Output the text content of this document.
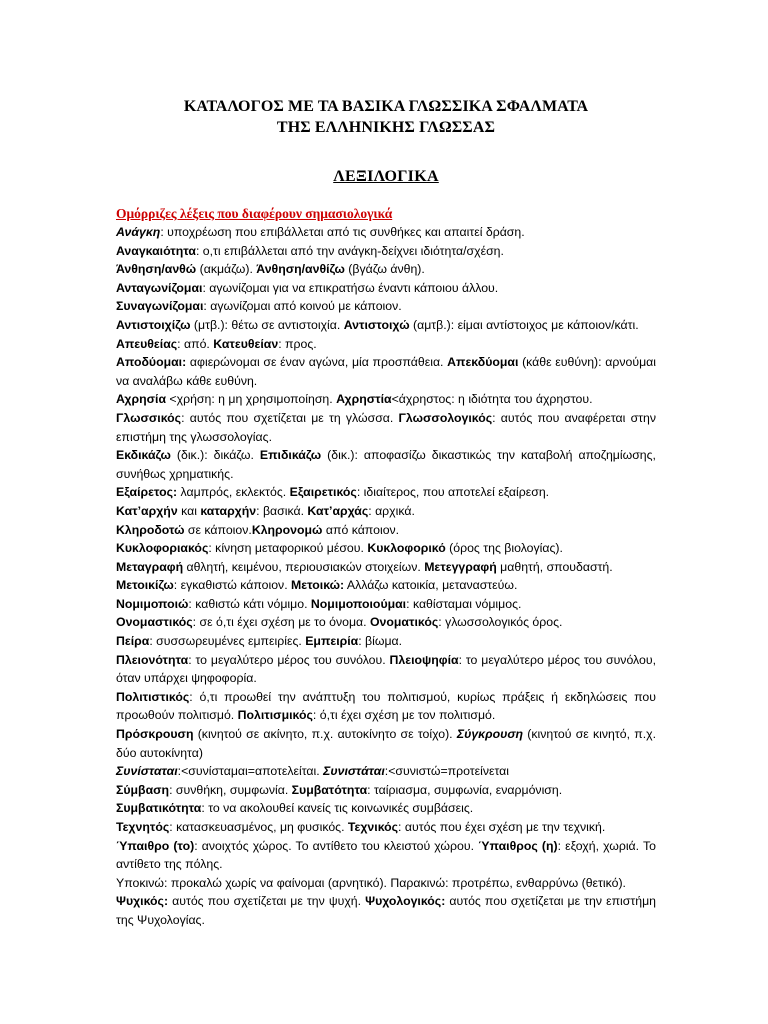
ΚΑΤΑΛΟΓΟΣ ΜΕ ΤΑ ΒΑΣΙΚΑ ΓΛΩΣΣΙΚΑ ΣΦΑΛΜΑΤΑ
ΤΗΣ ΕΛΛΗΝΙΚΗΣ ΓΛΩΣΣΑΣ
ΛΕΞΙΛΟΓΙΚΑ
Ομόρριζες λέξεις που διαφέρουν σημασιολογικά

Ανάγκη: υποχρέωση που επιβάλλεται από τις συνθήκες και απαιτεί δράση.

Αναγκαιότητα: ο,τι επιβάλλεται από την ανάγκη-δείχνει ιδιότητα/σχέση.

Άνθηση/ανθώ (ακμάζω). Άνθηση/ανθίζω (βγάζω άνθη).

Ανταγωνίζομαι: αγωνίζομαι για να επικρατήσω έναντι κάποιου άλλου.

Συναγωνίζομαι: αγωνίζομαι από κοινού με κάποιον.

Αντιστοιχίζω (μτβ.): θέτω σε αντιστοιχία. Αντιστοιχώ (αμτβ.): είμαι αντίστοιχος με κάποιον/κάτι.

Απευθείας: από. Κατευθείαν: προς.

Αποδύομαι: αφιερώνομαι σε έναν αγώνα, μία προσπάθεια. Απεκδύομαι (κάθε ευθύνη): αρνούμαι να αναλάβω κάθε ευθύνη.

Αχρησία <χρήση: η μη χρησιμοποίηση. Αχρηστία<άχρηστος: η ιδιότητα του άχρηστου.

Γλωσσικός: αυτός που σχετίζεται με τη γλώσσα. Γλωσσολογικός: αυτός που αναφέρεται στην επιστήμη της γλωσσολογίας.

Εκδικάζω (δικ.): δικάζω. Επιδικάζω (δικ.): αποφασίζω δικαστικώς την καταβολή αποζημίωσης, συνήθως χρηματικής.

Εξαίρετος: λαμπρός, εκλεκτός. Εξαιρετικός: ιδιαίτερος, που αποτελεί εξαίρεση.

Κατ’αρχήν και καταρχήν: βασικά. Κατ’αρχάς: αρχικά.

Κληροδοτώ σε κάποιον.Κληρονομώ από κάποιον.

Κυκλοφοριακός: κίνηση μεταφορικού μέσου. Κυκλοφορικό (όρος της βιολογίας).

Μεταγραφή αθλητή, κειμένου, περιουσιακών στοιχείων. Μετεγγραφή μαθητή, σπουδαστή.

Μετοικίζω: εγκαθιστώ κάποιον. Μετοικώ: Αλλάζω κατοικία, μεταναστεύω.

Νομιμοποιώ: καθιστώ κάτι νόμιμο. Νομιμοποιούμαι: καθίσταμαι νόμιμος.

Ονομαστικός: σε ό,τι έχει σχέση με το όνομα. Ονοματικός: γλωσσολογικός όρος.

Πείρα: συσσωρευμένες εμπειρίες. Εμπειρία: βίωμα.

Πλειονότητα: το μεγαλύτερο μέρος του συνόλου. Πλειοψηφία: το μεγαλύτερο μέρος του συνόλου, όταν υπάρχει ψηφοφορία.

Πολιτιστικός: ό,τι προωθεί την ανάπτυξη του πολιτισμού, κυρίως πράξεις ή εκδηλώσεις που προωθούν πολιτισμό. Πολιτισμικός: ό,τι έχει σχέση με τον πολιτισμό.

Πρόσκρουση (κινητού σε ακίνητο, π.χ. αυτοκίνητο σε τοίχο). Σύγκρουση (κινητού σε κινητό, π.χ. δύο αυτοκίνητα)

Συνίσταται:<συνίσταμαι=αποτελείται. Συνιστάται:<συνιστώ=προτείνεται

Σύμβαση: συνθήκη, συμφωνία. Συμβατότητα: ταίριασμα, συμφωνία, εναρμόνιση.

Συμβατικότητα: το να ακολουθεί κανείς τις κοινωνικές συμβάσεις.

Τεχνητός: κατασκευασμένος, μη φυσικός. Τεχνικός: αυτός που έχει σχέση με την τεχνική.

Ύπαιθρο (το): ανοιχτός χώρος. Το αντίθετο του κλειστού χώρου. Ύπαιθρος (η): εξοχή, χωριά. Το αντίθετο της πόλης.

Υποκινώ: προκαλώ χωρίς να φαίνομαι (αρνητικό). Παρακινώ: προτρέπω, ενθαρρύνω (θετικό).

Ψυχικός: αυτός που σχετίζεται με την ψυχή. Ψυχολογικός: αυτός που σχετίζεται με την επιστήμη της Ψυχολογίας.
